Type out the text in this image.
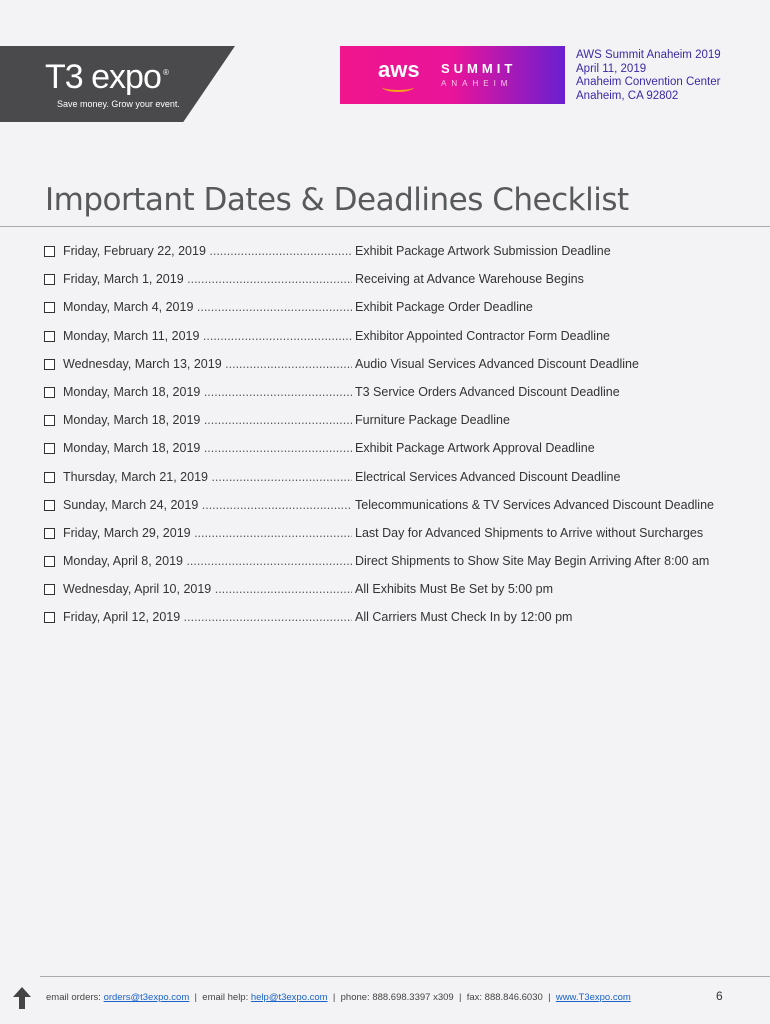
T3 expo ®
Save money. Grow your event.
aws SUMMIT
ANAHEIM
AWS Summit Anaheim 2019
April 11, 2019
Anaheim Convention Center
Anaheim, CA 92802
Important Dates & Deadlines Checklist
Friday, February 22, 2019 .....	Exhibit Package Artwork Submission Deadline
Friday, March 1, 2019 .....	Receiving at Advance Warehouse Begins
Monday, March 4, 2019 .....	Exhibit Package Order Deadline
Monday, March 11, 2019 .....	Exhibitor Appointed Contractor Form Deadline
Wednesday, March 13, 2019 .....	Audio Visual Services Advanced Discount Deadline
Monday, March 18, 2019 .....	T3 Service Orders Advanced Discount Deadline
Monday, March 18, 2019 .....	Furniture Package Deadline
Monday, March 18, 2019 .....	Exhibit Package Artwork Approval Deadline
Thursday, March 21, 2019 .....	Electrical Services Advanced Discount Deadline
Sunday, March 24, 2019 .....	Telecommunications & TV Services Advanced Discount Deadline
Friday, March 29, 2019 .....	Last Day for Advanced Shipments to Arrive without Surcharges
Monday, April 8, 2019 .....	Direct Shipments to Show Site May Begin Arriving After 8:00 am
Wednesday, April 10, 2019 .....	All Exhibits Must Be Set by 5:00 pm
Friday, April 12, 2019 .....	All Carriers Must Check In by 12:00 pm
email orders: orders@t3expo.com  |  email help: help@t3expo.com  |  phone: 888.698.3397 x309  |  fax: 888.846.6030  |  www.T3expo.com	6
